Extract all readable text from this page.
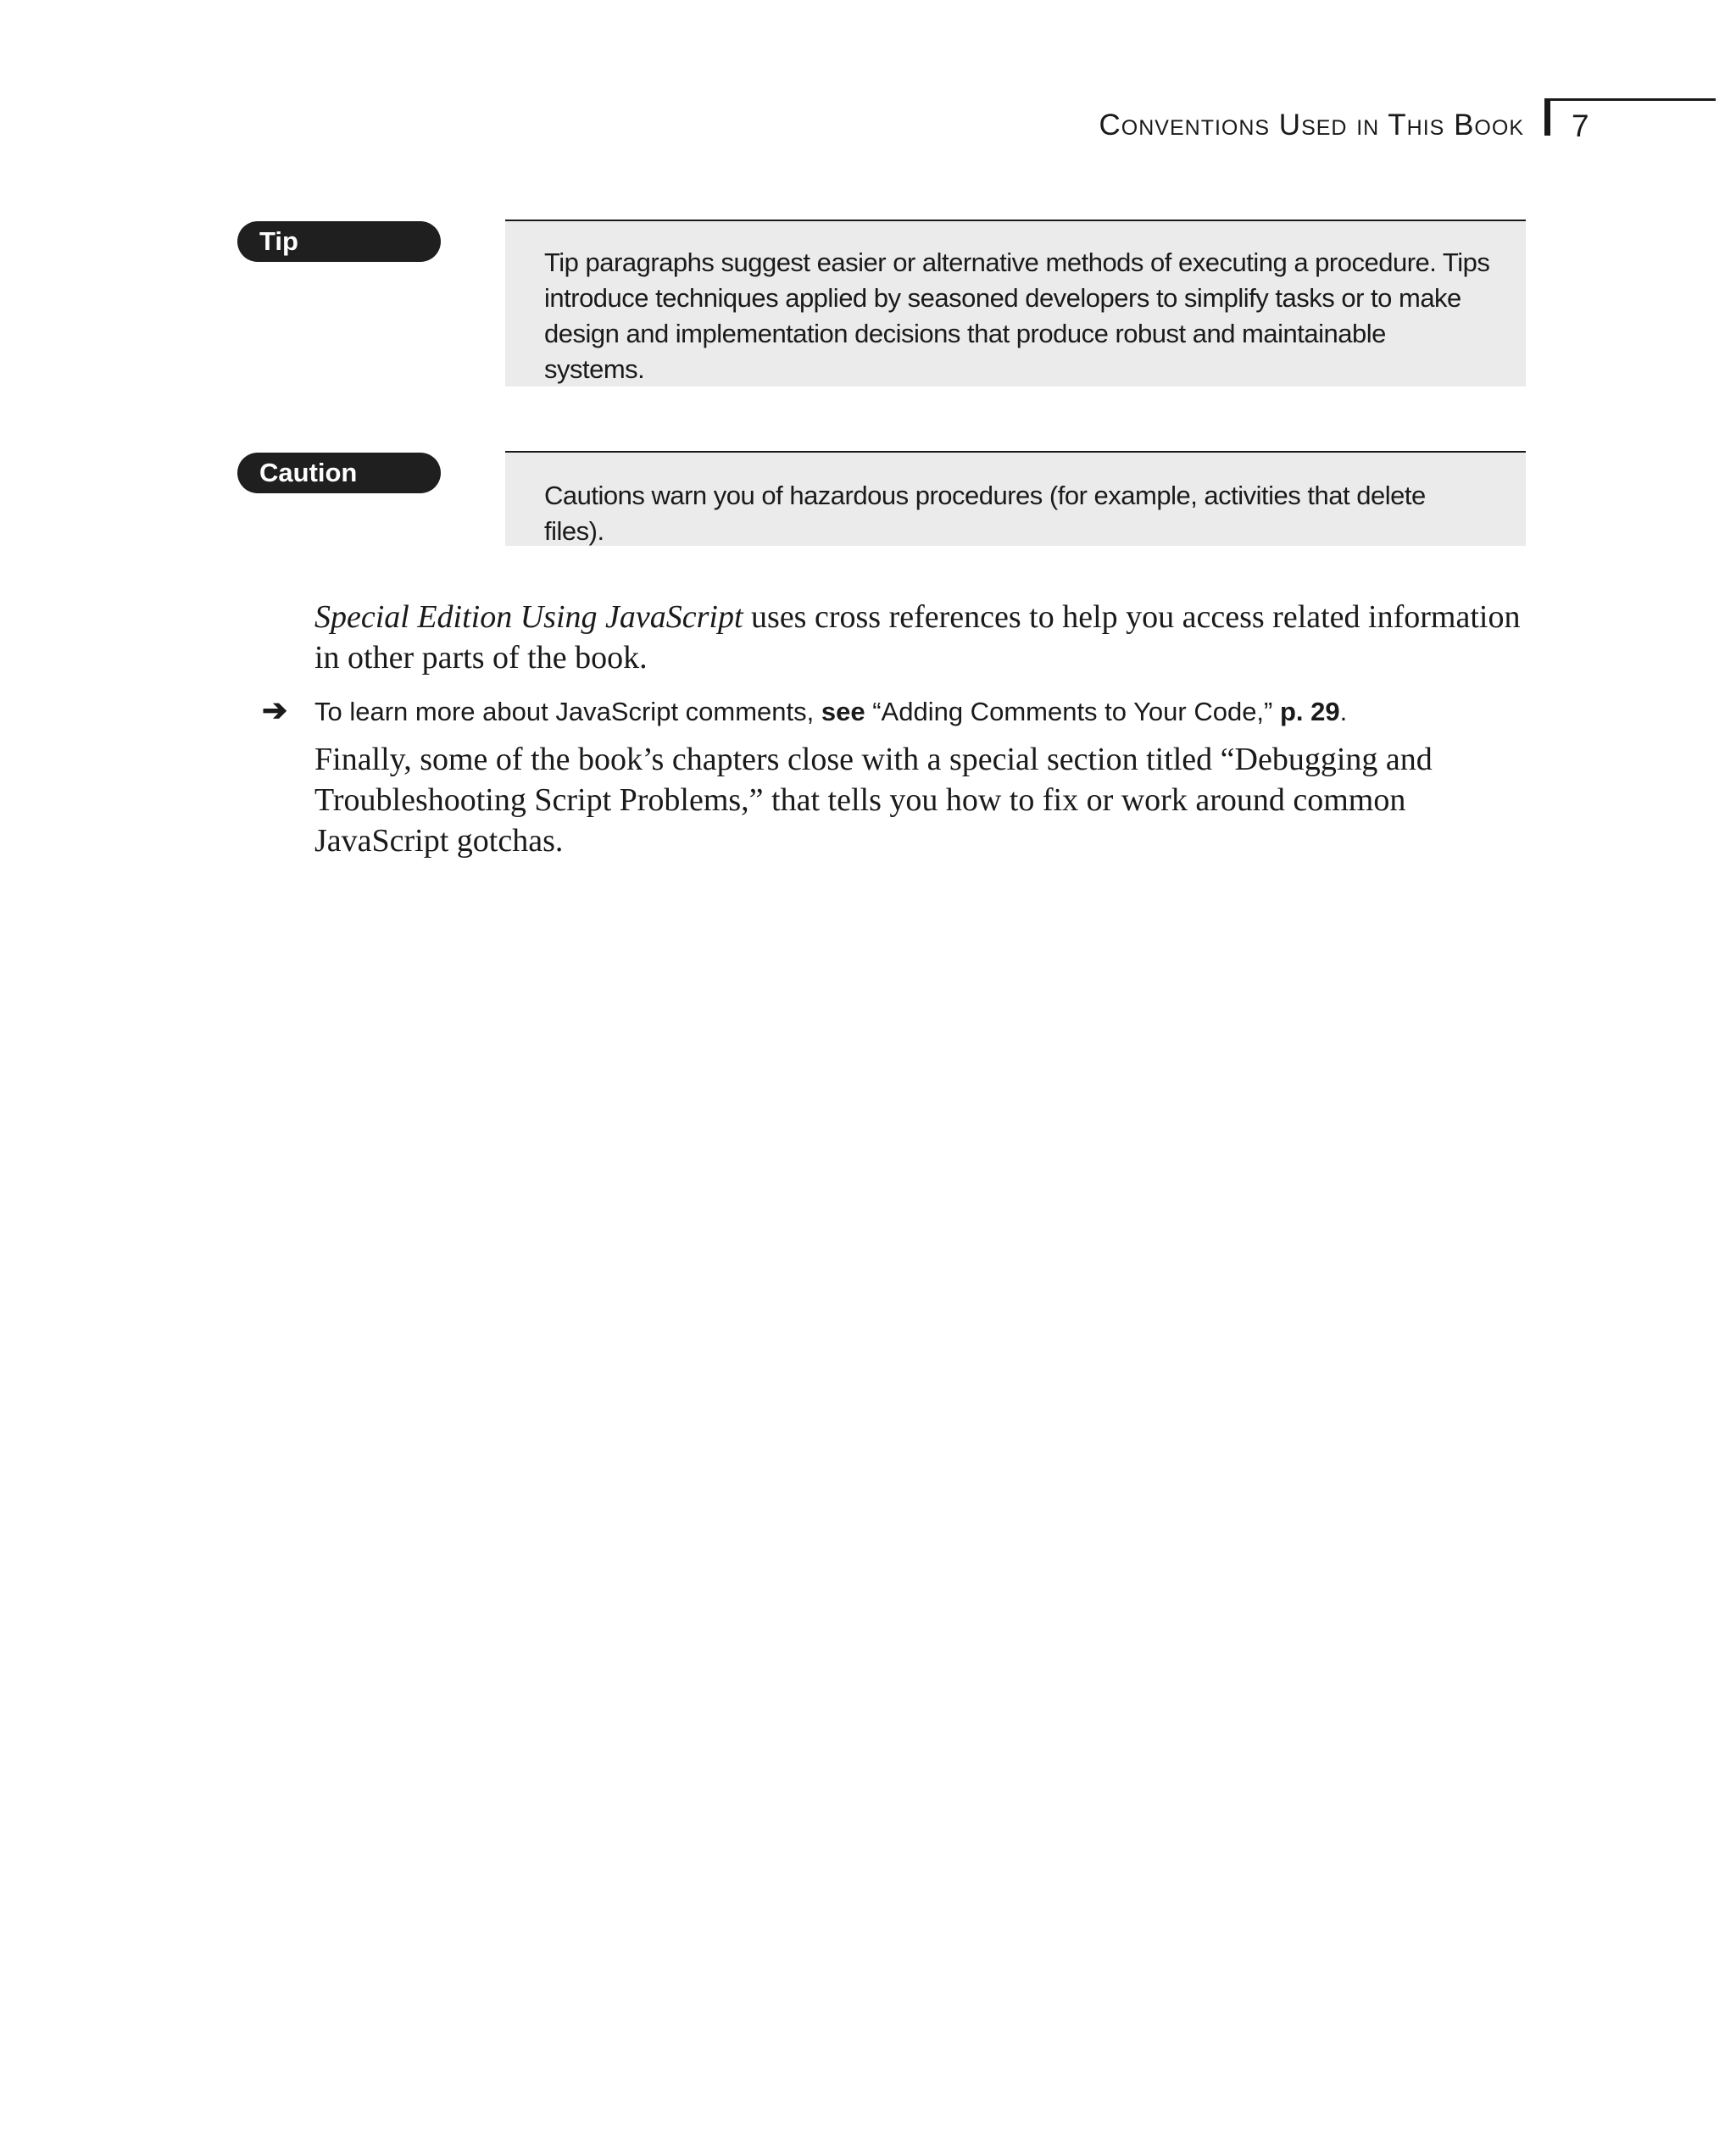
Conventions Used in This Book 7
Tip

Tip paragraphs suggest easier or alternative methods of executing a procedure. Tips introduce techniques applied by seasoned developers to simplify tasks or to make design and implementation decisions that produce robust and maintainable systems.

Caution

Cautions warn you of hazardous procedures (for example, activities that delete files).

Special Edition Using JavaScript uses cross references to help you access related information in other parts of the book.

➔ To learn more about JavaScript comments, see “Adding Comments to Your Code,” p. 29.

Finally, some of the book’s chapters close with a special section titled “Debugging and Troubleshooting Script Problems,” that tells you how to fix or work around common JavaScript gotchas.
